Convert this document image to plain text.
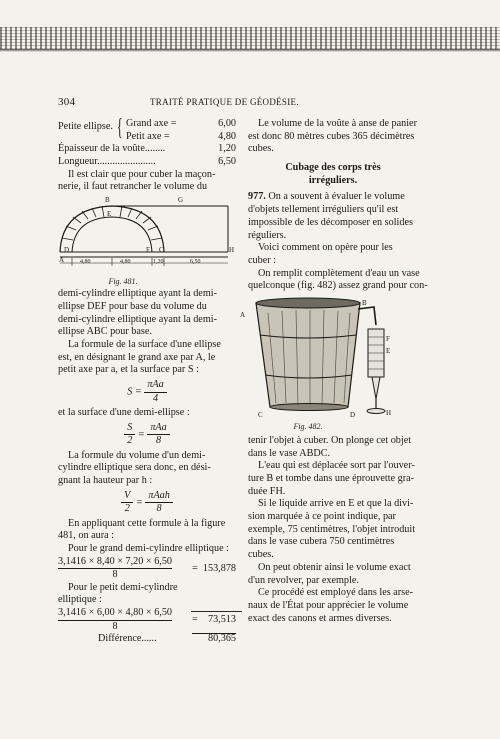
304	TRAITÉ PRATIQUE DE GÉODÉSIE.
Petite ellipse. { Grand axe =	6,00
Petit axe =	4,80
Épaisseur de la voûte........	1,20
Longueur.......................	6,50
Il est clair que pour cuber la maçon-
nerie, il faut retrancher le volume du
B	G
E
A
D	F C	H
4,80	4,80	1,20	6,50
Fig. 481.
demi-cylindre elliptique ayant la demi-
ellipse DEF pour base du volume du
demi-cylindre elliptique ayant la demi-
ellipse ABC pour base.
La formule de la surface d'une ellipse
est, en désignant le grand axe par A, le
petit axe par a, et la surface par S :
$S = \frac{\text{πAa}}{4}$
et la surface d'une demi-ellipse :
$\frac{S}{2} = \frac{\text{πAa}}{8}$
La formule du volume d'un demi-
cylindre elliptique sera donc, en dési-
gnant la hauteur par h :
$\frac{V}{2} = \frac{\text{πAah}}{8}$
En appliquant cette formule à la figure
481, on aura :
Pour le grand demi-cylindre elliptique :
$\frac{3,1416 \times 8,40 \times 7,20 \times 6,50}{8} = 153,878$
Pour le petit demi-cylindre
elliptique :
$\frac{3,1416 \times 6,00 \times 4,80 \times 6,50}{8} = 73,513$
Différence......	80,365
Le volume de la voûte à anse de panier
est donc 80 mètres cubes 365 décimètres
cubes.
Cubage des corps très
irréguliers.
977. On a souvent à évaluer le volume
d'objets tellement irréguliers qu'il est
impossible de les décomposer en solides
réguliers.
Voici comment on opère pour les
cuber :
On remplit complètement d'eau un vase
quelconque (fig. 482) assez grand pour con-
A
B
F
E
C	D	H
Fig. 482.
tenir l'objet à cuber. On plonge cet objet
dans le vase ABDC.
L'eau qui est déplacée sort par l'ouver-
ture B et tombe dans une éprouvette gra-
duée FH.
Si le liquide arrive en E et que la divi-
sion marquée à ce point indique, par
exemple, 75 centimètres, l'objet introduit
dans le vase cubera 750 centimètres
cubes.
On peut obtenir ainsi le volume exact
d'un revolver, par exemple.
Ce procédé est employé dans les arse-
naux de l'État pour apprécier le volume
exact des canons et armes diverses.
